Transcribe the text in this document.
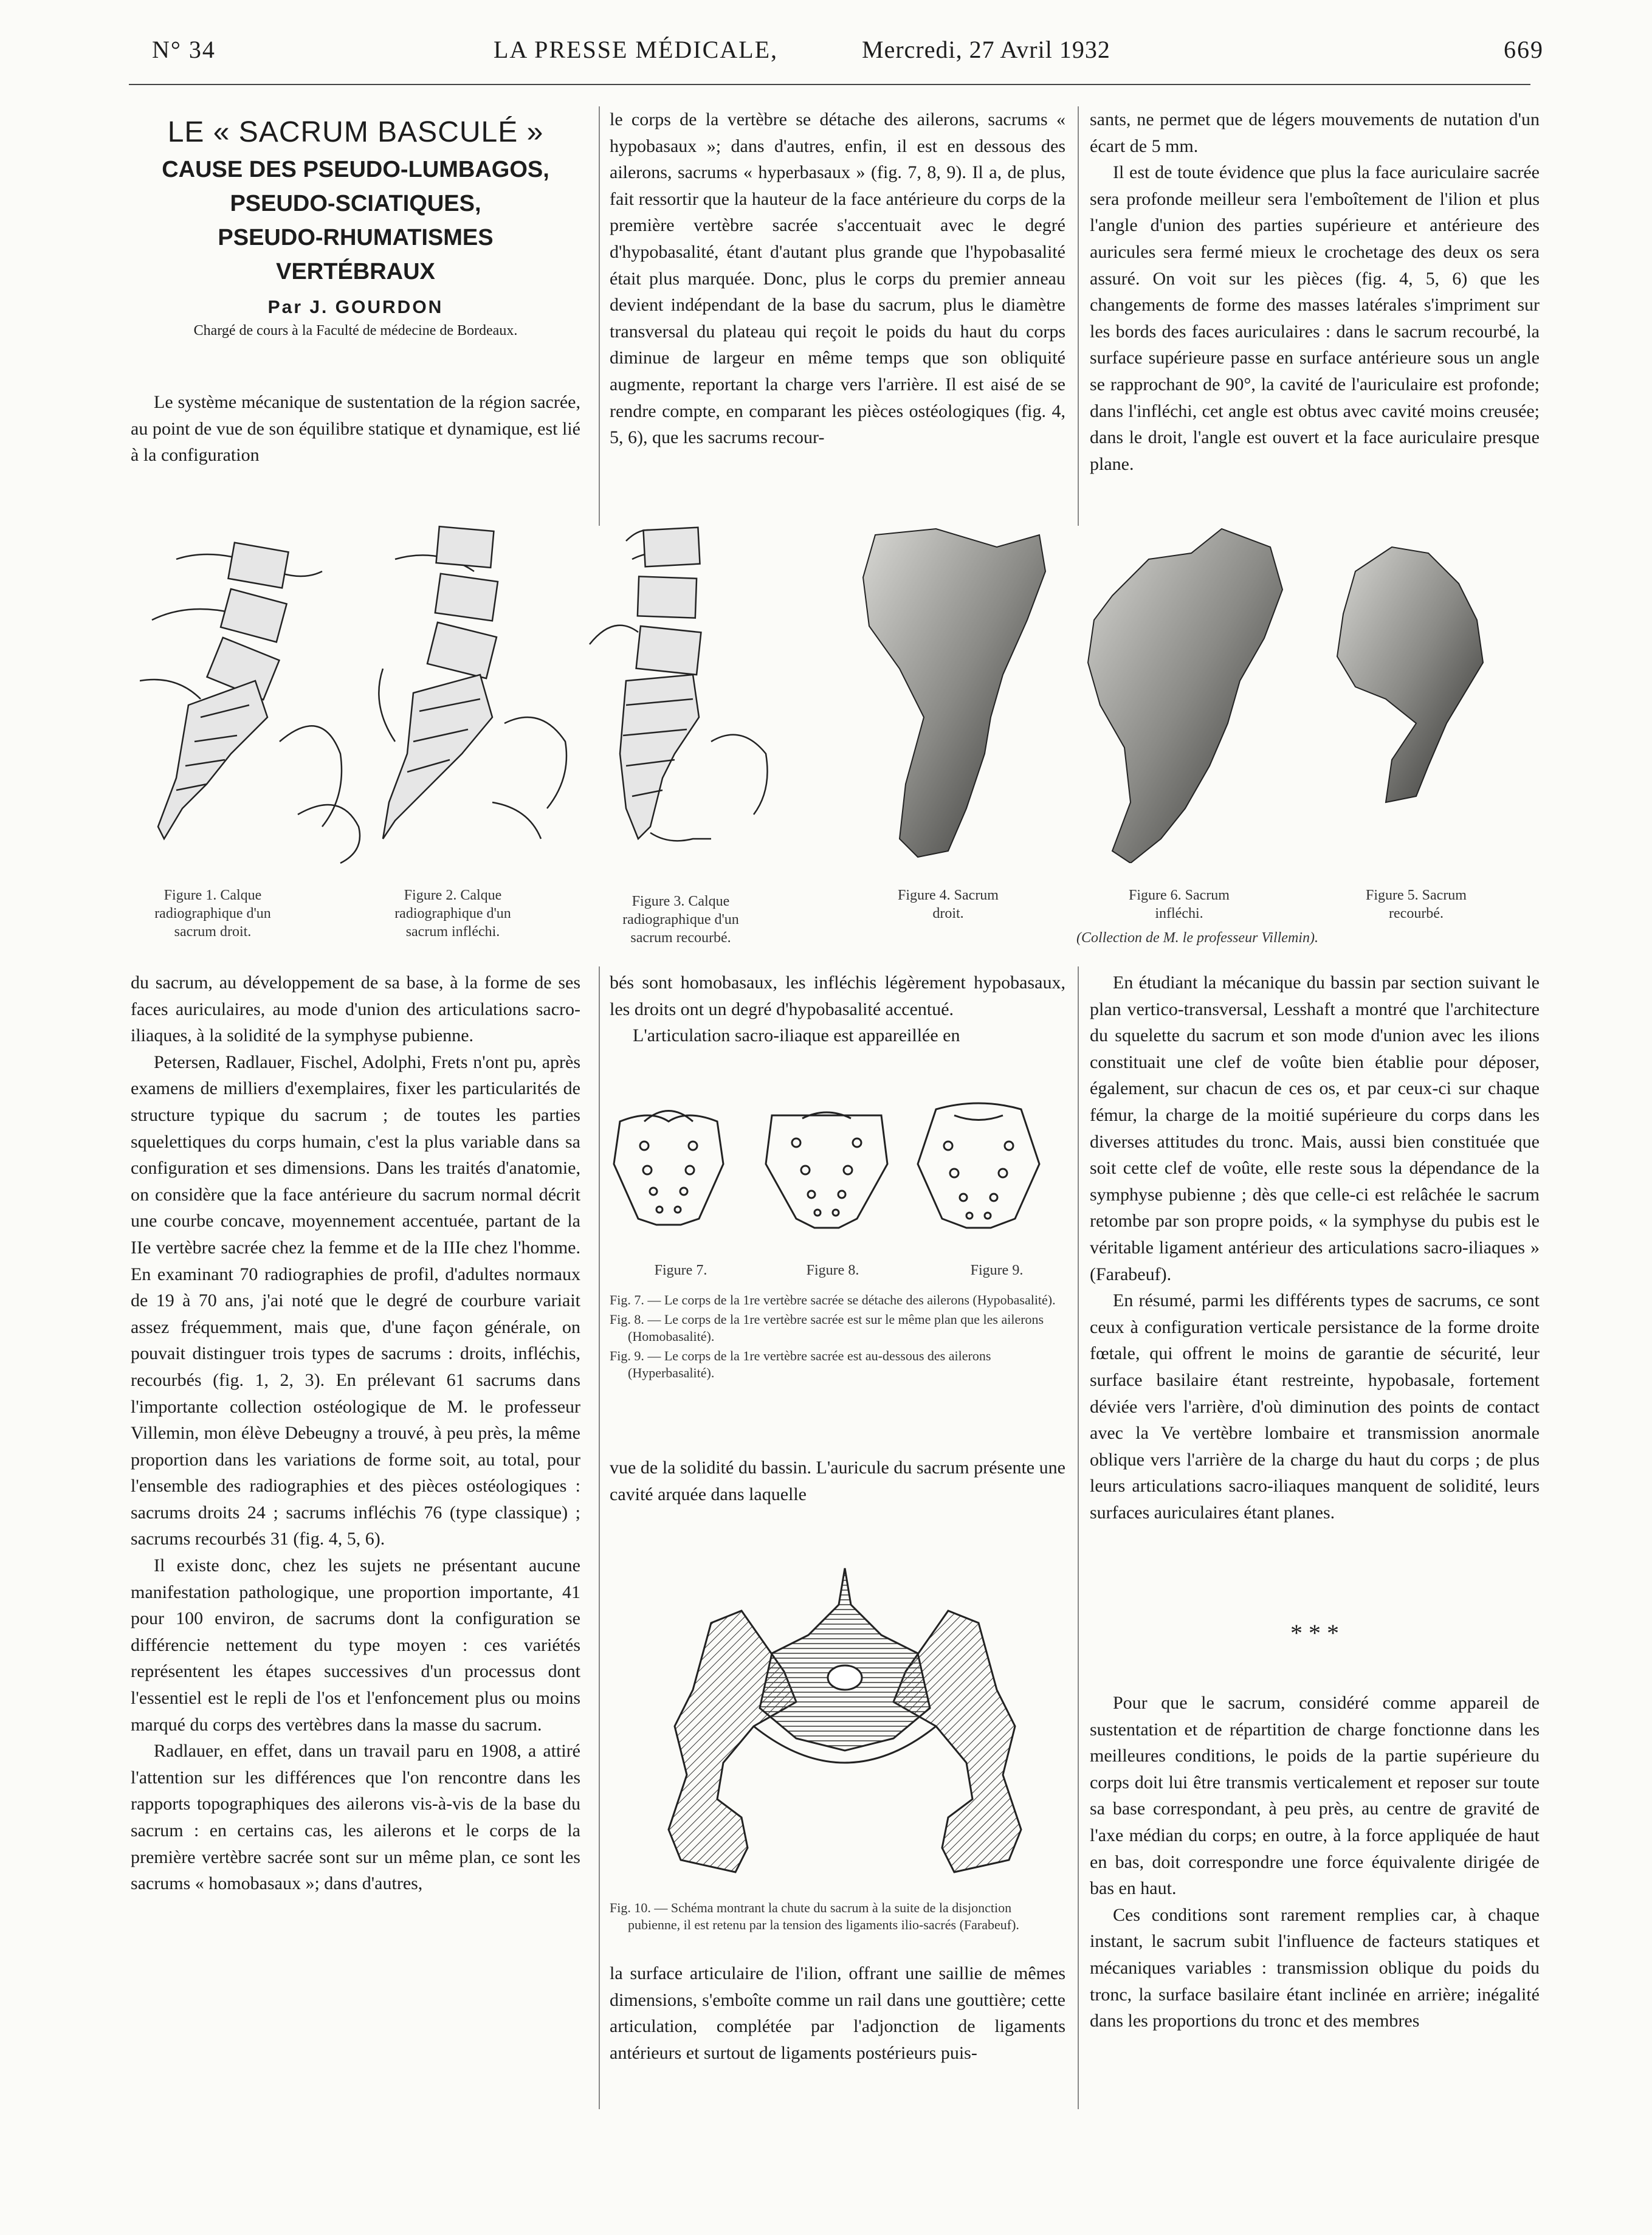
N° 34	LA PRESSE MÉDICALE,	Mercredi, 27 Avril 1932	669
LE « SACRUM BASCULÉ »
CAUSE DES PSEUDO-LUMBAGOS,
PSEUDO-SCIATIQUES,
PSEUDO-RHUMATISMES
VERTÉBRAUX
Par J. GOURDON
Chargé de cours à la Faculté de médecine de Bordeaux.

Le système mécanique de sustentation de la région sacrée, au point de vue de son équilibre statique et dynamique, est lié à la configuration

le corps de la vertèbre se détache des ailerons, sacrums « hypobasaux »; dans d'autres, enfin, il est en dessous des ailerons, sacrums « hyperbasaux » (fig. 7, 8, 9). Il a, de plus, fait ressortir que la hauteur de la face antérieure du corps de la première vertèbre sacrée s'accentuait avec le degré d'hypobasalité, étant d'autant plus grande que l'hypobasalité était plus marquée. Donc, plus le corps du premier anneau devient indépendant de la base du sacrum, plus le diamètre transversal du plateau qui reçoit le poids du haut du corps diminue de largeur en même temps que son obliquité augmente, reportant la charge vers l'arrière. Il est aisé de se rendre compte, en comparant les pièces ostéologiques (fig. 4, 5, 6), que les sacrums recour-

sants, ne permet que de légers mouvements de nutation d'un écart de 5 mm.

Il est de toute évidence que plus la face auriculaire sacrée sera profonde meilleur sera l'emboîtement de l'ilion et plus l'angle d'union des parties supérieure et antérieure des auricules sera fermé mieux le crochetage des deux os sera assuré. On voit sur les pièces (fig. 4, 5, 6) que les changements de forme des masses latérales s'impriment sur les bords des faces auriculaires : dans le sacrum recourbé, la surface supérieure passe en surface antérieure sous un angle se rapprochant de 90°, la cavité de l'auriculaire est profonde; dans l'infléchi, cet angle est obtus avec cavité moins creusée; dans le droit, l'angle est ouvert et la face auriculaire presque plane.

Figure 1. Calque radiographique d'un sacrum droit.
Figure 2. Calque radiographique d'un sacrum infléchi.
Figure 3. Calque radiographique d'un sacrum recourbé.
Figure 4. Sacrum droit.
Figure 6. Sacrum infléchi.
Figure 5. Sacrum recourbé.
(Collection de M. le professeur Villemin).

du sacrum, au développement de sa base, à la forme de ses faces auriculaires, au mode d'union des articulations sacro-iliaques, à la solidité de la symphyse pubienne.

Petersen, Radlauer, Fischel, Adolphi, Frets n'ont pu, après examens de milliers d'exemplaires, fixer les particularités de structure typique du sacrum ; de toutes les parties squelettiques du corps humain, c'est la plus variable dans sa configuration et ses dimensions. Dans les traités d'anatomie, on considère que la face antérieure du sacrum normal décrit une courbe concave, moyennement accentuée, partant de la IIe vertèbre sacrée chez la femme et de la IIIe chez l'homme. En examinant 70 radiographies de profil, d'adultes normaux de 19 à 70 ans, j'ai noté que le degré de courbure variait assez fréquemment, mais que, d'une façon générale, on pouvait distinguer trois types de sacrums : droits, infléchis, recourbés (fig. 1, 2, 3). En prélevant 61 sacrums dans l'importante collection ostéologique de M. le professeur Villemin, mon élève Debeugny a trouvé, à peu près, la même proportion dans les variations de forme soit, au total, pour l'ensemble des radiographies et des pièces ostéologiques : sacrums droits 24 ; sacrums infléchis 76 (type classique) ; sacrums recourbés 31 (fig. 4, 5, 6).

Il existe donc, chez les sujets ne présentant aucune manifestation pathologique, une proportion importante, 41 pour 100 environ, de sacrums dont la configuration se différencie nettement du type moyen : ces variétés représentent les étapes successives d'un processus dont l'essentiel est le repli de l'os et l'enfoncement plus ou moins marqué du corps des vertèbres dans la masse du sacrum.

Radlauer, en effet, dans un travail paru en 1908, a attiré l'attention sur les différences que l'on rencontre dans les rapports topographiques des ailerons vis-à-vis de la base du sacrum : en certains cas, les ailerons et le corps de la première vertèbre sacrée sont sur un même plan, ce sont les sacrums « homobasaux »; dans d'autres,

bés sont homobasaux, les infléchis légèrement hypobasaux, les droits ont un degré d'hypobasalité accentué.

L'articulation sacro-iliaque est appareillée en

Figure 7.	Figure 8.	Figure 9.

Fig. 7. — Le corps de la 1re vertèbre sacrée se détache des ailerons (Hypobasalité).

Fig. 8. — Le corps de la 1re vertèbre sacrée est sur le même plan que les ailerons (Homobasalité).

Fig. 9. — Le corps de la 1re vertèbre sacrée est au-dessous des ailerons (Hyperbasalité).

vue de la solidité du bassin. L'auricule du sacrum présente une cavité arquée dans laquelle

Fig. 10. — Schéma montrant la chute du sacrum à la suite de la disjonction pubienne, il est retenu par la tension des ligaments ilio-sacrés (Farabeuf).

la surface articulaire de l'ilion, offrant une saillie de mêmes dimensions, s'emboîte comme un rail dans une gouttière; cette articulation, complétée par l'adjonction de ligaments antérieurs et surtout de ligaments postérieurs puis-

En étudiant la mécanique du bassin par section suivant le plan vertico-transversal, Lesshaft a montré que l'architecture du squelette du sacrum et son mode d'union avec les ilions constituait une clef de voûte bien établie pour déposer, également, sur chacun de ces os, et par ceux-ci sur chaque fémur, la charge de la moitié supérieure du corps dans les diverses attitudes du tronc. Mais, aussi bien constituée que soit cette clef de voûte, elle reste sous la dépendance de la symphyse pubienne ; dès que celle-ci est relâchée le sacrum retombe par son propre poids, « la symphyse du pubis est le véritable ligament antérieur des articulations sacro-iliaques » (Farabeuf).

En résumé, parmi les différents types de sacrums, ce sont ceux à configuration verticale persistance de la forme droite fœtale, qui offrent le moins de garantie de sécurité, leur surface basilaire étant restreinte, hypobasale, fortement déviée vers l'arrière, d'où diminution des points de contact avec la Ve vertèbre lombaire et transmission anormale oblique vers l'arrière de la charge du haut du corps ; de plus leurs articulations sacro-iliaques manquent de solidité, leurs surfaces auriculaires étant planes.

* * *

Pour que le sacrum, considéré comme appareil de sustentation et de répartition de charge fonctionne dans les meilleures conditions, le poids de la partie supérieure du corps doit lui être transmis verticalement et reposer sur toute sa base correspondant, à peu près, au centre de gravité de l'axe médian du corps; en outre, à la force appliquée de haut en bas, doit correspondre une force équivalente dirigée de bas en haut.

Ces conditions sont rarement remplies car, à chaque instant, le sacrum subit l'influence de facteurs statiques et mécaniques variables : transmission oblique du poids du tronc, la surface basilaire étant inclinée en arrière; inégalité dans les proportions du tronc et des membres
